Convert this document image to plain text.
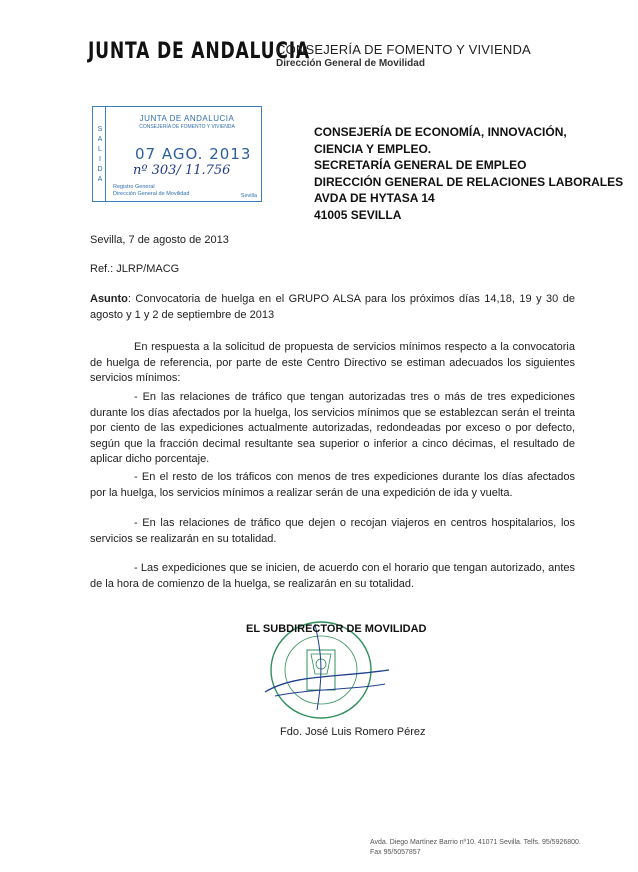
JUNTA DE ANDALUCIA
CONSEJERÍA DE FOMENTO Y VIVIENDA
Dirección General de Movilidad
S
A
L
I
D
A
JUNTA DE ANDALUCIA
CONSEJERÍA DE FOMENTO Y VIVIENDA
07 AGO. 2013
nº 303/ 11.756
Registro General
Dirección General de Movilidad	Sevilla
CONSEJERÍA DE ECONOMÍA, INNOVACIÓN,
CIENCIA Y EMPLEO.
SECRETARÍA GENERAL DE EMPLEO
DIRECCIÓN GENERAL DE RELACIONES LABORALES
AVDA DE HYTASA 14
41005 SEVILLA
Sevilla, 7 de agosto de 2013
Ref.: JLRP/MACG
Asunto: Convocatoria de huelga en el GRUPO ALSA para los próximos días 14,18, 19 y 30 de agosto y 1 y 2 de septiembre de 2013
En respuesta a la solicitud de propuesta de servicios mínimos respecto a la convocatoria de huelga de referencia, por parte de este Centro Directivo se estiman adecuados los siguientes servicios mínimos:
- En las relaciones de tráfico que tengan autorizadas tres o más de tres expediciones durante los días afectados por la huelga, los servicios mínimos que se establezcan serán el treinta por ciento de las expediciones actualmente autorizadas, redondeadas por exceso o por defecto, según que la fracción decimal resultante sea superior o inferior a cinco décimas, el resultado de aplicar dicho porcentaje.
- En el resto de los tráficos con menos de tres expediciones durante los días afectados por la huelga, los servicios mínimos a realizar serán de una expedición de ida y vuelta.
- En las relaciones de tráfico que dejen o recojan viajeros en centros hospitalarios, los servicios se realizarán en su totalidad.
- Las expediciones que se inicien, de acuerdo con el horario que tengan autorizado, antes de la hora de comienzo de la huelga, se realizarán en su totalidad.
EL SUBDIRECTOR DE MOVILIDAD
Fdo. José Luis Romero Pérez
Avda. Diego Martínez Barrio nº10. 41071 Sevilla. Telfs. 95/5926800. Fax 95/5057857
